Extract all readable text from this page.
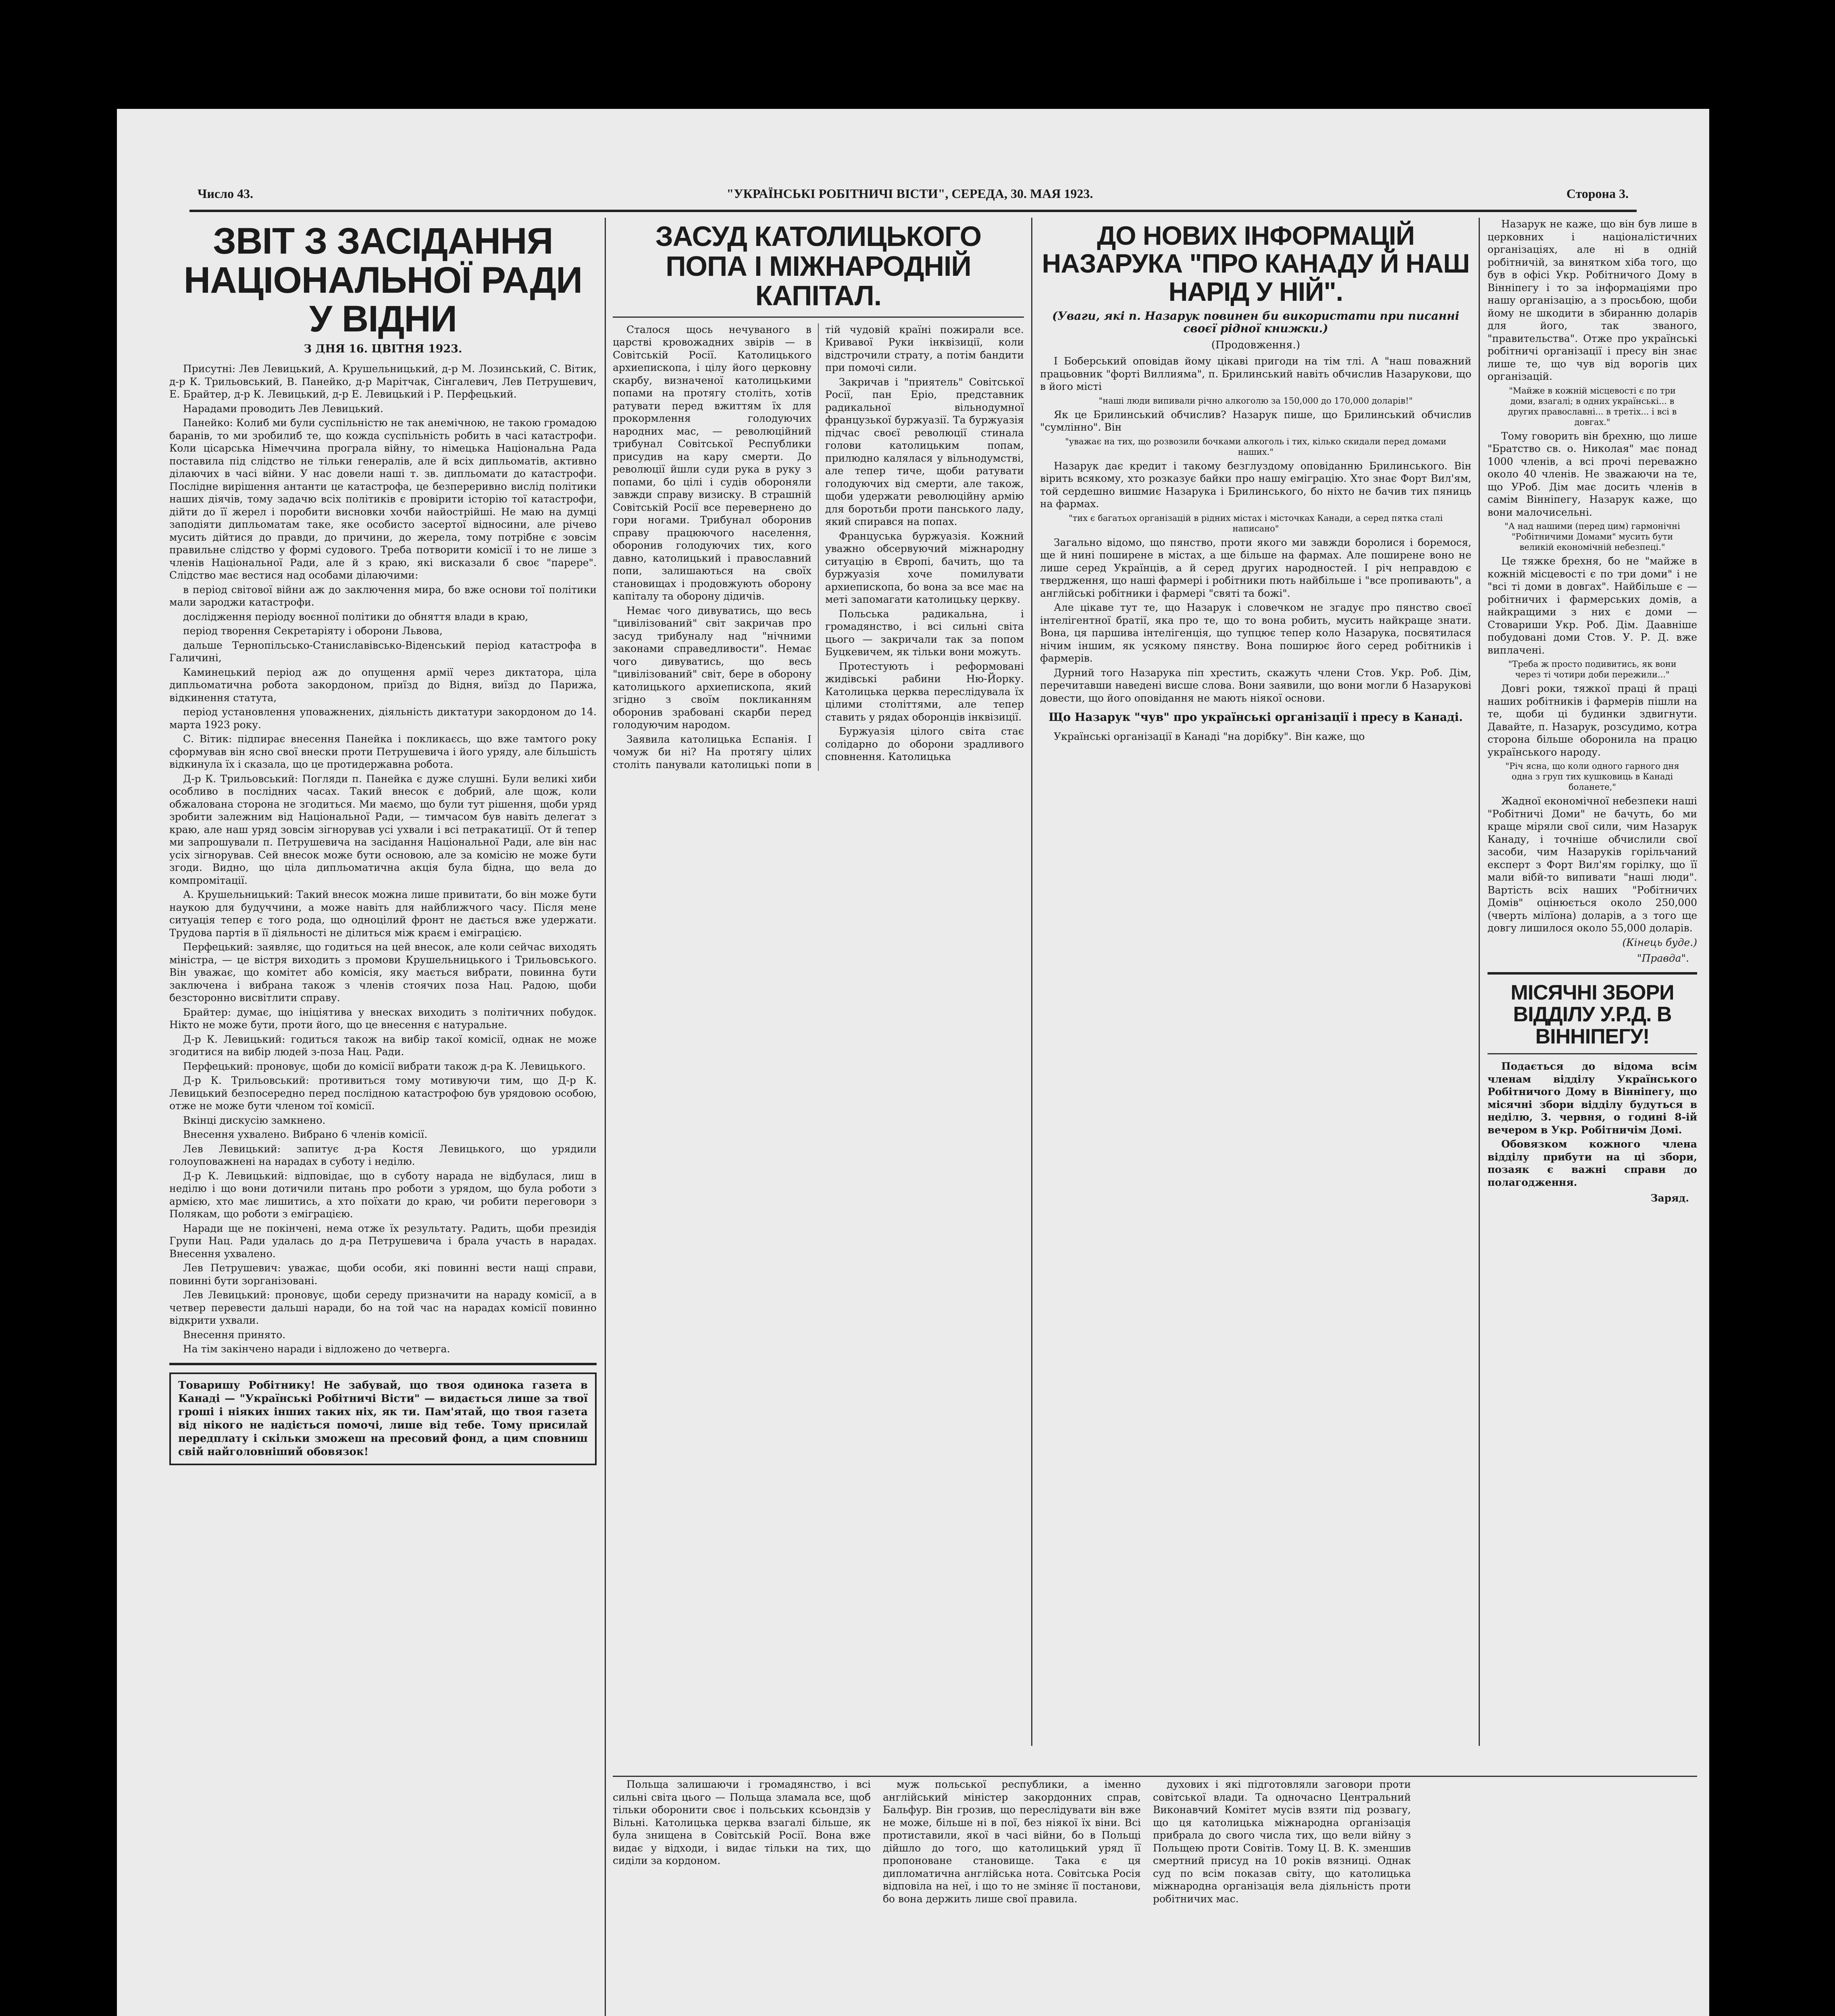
Число 43.	"УКРАЇНСЬКІ РОБІТНИЧІ ВІСТИ", СЕРЕДА, 30. МАЯ 1923.	Сторона 3.
ЗВІТ З ЗАСІДАННЯ НАЦІОНАЛЬНОЇ РАДИ У ВІДНИ
З ДНЯ 16. ЦВІТНЯ 1923.

Присутні: Лев Левицький, А. Крушельницький, д-р М. Лозинський, С. Вітик, д-р К. Трильовський, В. Панейко, д-р Марітчак, Сінгалевич, Лев Петрушевич, Е. Брайтер, д-р К. Левицький, д-р Е. Левицький і Р. Перфецький.

Нарадами проводить Лев Левицький.

Панейко: Колиб ми були суспільністю не так анемічною, не такою громадою баранів, то ми зробилиб те, що кожда суспільність робить в часі катастрофи. Коли цісарська Німеччина програла війну, то німецька Національна Рада поставила під слідство не тільки генералів, але й всіх дипльоматів, активно ділаючих в часі війни. У нас довели наші т. зв. дипльомати до катастрофи. Послідне вирішення антанти це катастрофа, це безпереривно вислід політики наших діячів, тому задачю всіх політиків є провірити історію тої катастрофи, дійти до її жерел і поробити висновки хочби найострійші. Не маю на думці заподіяти дипльоматам таке, яке особисто засертої відносини, але річево мусить дійтися до правди, до причини, до жерела, тому потрібне є зовсім правильне слідство у формі судового. Треба потворити комісії і то не лише з членів Національної Ради, але й з краю, які висказали б своє "парере". Слідство має вестися над особами ділаючими:

в період світової війни аж до заключення мира, бо вже основи тої політики мали зароджи катастрофи.

дослідження періоду воєнної політики до обняття влади в краю,

період творення Секретаріяту і оборони Львова,

дальше Тернопільсько-Станиславівсько-Віденський період катастрофа в Галичині,

Каминецький період аж до опущення армії через диктатора, ціла дипльоматична робота закордоном, приїзд до Відня, виїзд до Парижа, відкинення статута,

період установлення уповажнених, діяльність диктатури закордоном до 14. марта 1923 року.

С. Вітик: підпирає внесення Панейка і покликаєсь, що вже тамтого року сформував він ясно свої внески проти Петрушевича і його уряду, але більшість відкинула їх і сказала, що це протидержавна робота.

Д-р К. Трильовський: Погляди п. Панейка є дуже слушні. Були великі хиби особливо в послідних часах. Такий внесок є добрий, але щож, коли обжалована сторона не згодиться. Ми маємо, що були тут рішення, щоби уряд зробити залежним від Національної Ради, — тимчасом був навіть делегат з краю, але наш уряд зовсім зігнорував усі ухвали і всі петракатиції. От й тепер ми запрошували п. Петрушевича на засідання Національної Ради, але він нас усіх зігнорував. Сей внесок може бути основою, але за комісію не може бути згоди. Видно, що ціла дипльоматична акція була бідна, що вела до компромітації.

А. Крушельницький: Такий внесок можна лише привитати, бо він може бути наукою для будуччини, а може навіть для найближчого часу. Після мене ситуація тепер є того рода, що одноцілий фронт не дається вже удержати. Трудова партія в її діяльності не ділиться між краєм і еміграцією.

Перфецький: заявляє, що годиться на цей внесок, але коли сейчас виходять міністра, — це вістря виходить з промови Крушельницького і Трильовського. Він уважає, що комітет або комісія, яку мається вибрати, повинна бути заключена і вибрана також з членів стоячих поза Нац. Радою, щоби безсторонно висвітлити справу.

Брайтер: думає, що ініціятива у внесках виходить з політичних побудок. Нікто не може бути, проти його, що це внесення є натуральне.

Д-р К. Левицький: годиться також на вибір такої комісії, однак не може згодитися на вибір людей з-поза Нац. Ради.

Перфецький: проновує, щоби до комісії вибрати також д-ра К. Левицького.

Д-р К. Трильовський: противиться тому мотивуючи тим, що Д-р К. Левицький безпосередно перед послідною катастрофою був урядовою особою, отже не може бути членом тої комісії.

Вкінці дискусію замкнено.

Внесення ухвалено. Вибрано 6 членів комісії.

Лев Левицький: запитує д-ра Костя Левицького, що урядили голоуповажнені на нарадах в суботу і неділю.

Д-р К. Левицький: відповідає, що в суботу нарада не відбулася, лиш в неділю і що вони дотичили питань про роботи з урядом, що була роботи з армією, хто має лишитись, а хто поїхати до краю, чи робити переговори з Полякам, що роботи з еміграцією.

Наради ще не покінчені, нема отже їх результату. Радить, щоби президія Групи Нац. Ради удалась до д-ра Петрушевича і брала участь в нарадах. Внесення ухвалено.

Лев Петрушевич: уважає, щоби особи, які повинні вести нащі справи, повинні бути зорганізовані.

Лев Левицький: проновує, щоби середу призначити на нараду комісії, а в четвер перевести дальші наради, бо на той час на нарадах комісії повинно відкрити ухвали.

Внесення принято.

На тім закінчено наради і відложено до четверга.

Товаришу Робітнику! Не забувай, що твоя одинока газета в Канаді — "Українські Робітничі Вісти" — видається лише за твої гроші і ніяких інших таких ніх, як ти. Пам'ятай, що твоя газета від нікого не надіється помочі, лише від тебе. Тому присилай передплату і скільки зможеш на пресовий фонд, а цим сповниш свій найголовніший обовязок!
ЗАСУД КАТОЛИЦЬКОГО ПОПА І МІЖНАРОДНІЙ КАПІТАЛ.

Сталося щось нечуваного в царстві кровожадних звірів — в Совітській Росії. Католицького архиепископа, і цілу його церковну скарбу, визначеної католицькими попами на протягу століть, хотів ратувати перед вжиттям їх для прокормлення голодуючих народних мас, — революційний трибунал Совітської Республики присудив на кару смерти. До революції йшли суди рука в руку з попами, бо цілі і судів обороняли завжди справу визиску. В страшній Совітській Росії все перевернено до гори ногами. Трибунал оборонив справу працюючого населення, оборонив голодуючих тих, кого давно, католицький і православний попи, залишаються на своїх становищах і продовжують оборону капіталу та оборону дідичів.

Немає чого дивуватись, що весь "цивілізований" світ закричав про засуд трибуналу над "нічними законами справедливости". Немає чого дивуватись, що весь "цивілізований" світ, бере в оборону католицького архиепископа, який згідно з своїм покликанням оборонив зрабовані скарби перед голодуючим народом.

Заявила католицька Еспанія. І чомуж би ні? На протягу цілих століть панували католицькі попи в тій чудовій країні пожирали все. Кривавої Руки інквізиції, коли відстрочили страту, а потім бандити при помочі сили.

Закричав і "приятель" Совітської Росії, пан Еріо, представник радикальної вільнодумної французької буржуазії. Та буржуазія підчас своєї революції стинала голови католицьким попам, прилюдно калялася у вільнодумстві, але тепер тиче, щоби ратувати голодуючих від смерти, але також, щоби удержати революційну армію для боротьби проти панського ладу, який спирався на попах.

Француська буржуазія. Кожний уважно обсервуючий міжнародну ситуацію в Європі, бачить, що та буржуазія хоче помилувати архиепископа, бо вона за все має на меті запомагати католицьку церкву.

Польська радикальна, і громадянство, і всі сильні світа цього — закричали так за попом Буцкевичем, як тільки вони можуть.

Протестують і реформовані жидівські рабини Ню-Йорку. Католицька церква переслідувала їх цілими століттями, але тепер ставить у рядах оборонців інквізиції.

Буржуазія цілого світа стає солідарно до оборони зрадливого сповнення. Католицька

ДО НОВИХ ІНФОРМАЦІЙ НАЗАРУКА "ПРО КАНАДУ Й НАШ НАРІД У НІЙ".
(Уваги, які п. Назарук повинен би використати при писанні своєї рідної книжки.)
(Продовження.)

І Боберський оповідав йому цікаві пригоди на тім тлі. А "наш поважний працьовник "форті Виллияма", п. Брилинський навіть обчислив Назарукови, що в його місті

"наші люди випивали річно алкоголю за 150,000 до 170,000 доларів!"

Як це Брилинський обчислив? Назарук пише, що Брилинський обчислив "сумлінно". Він

"уважає на тих, що розвозили бочками алкоголь і тих, кілько скидали перед домами наших."

Назарук дає кредит і такому безглуздому оповіданню Брилинського. Він вірить всякому, хто розказує байки про нашу еміграцію. Хто знає Форт Вил'ям, той сердешно вишмиє Назарука і Брилинського, бо ніхто не бачив тих пяниць на фармах.

"тих є багатьох організацій в рідних містах і місточках Канади, а серед пятка сталі написано"

Загально відомо, що пянство, проти якого ми завжди боролися і боремося, ще й нині поширене в містах, а ще більше на фармах. Але поширене воно не лише серед Українців, а й серед других народностей. І річ неправдою є твердження, що наші фармері і робітники пють найбільше і "все пропивають", а англійські робітники і фармері "святі та божі".

Але цікаве тут те, що Назарук і словечком не згадує про пянство своєї інтелігентної братії, яка про те, що то вона робить, мусить найкраще знати. Вона, ця паршива інтелігенція, що тупцює тепер коло Назарука, посвятилася нічим іншим, як усякому пянству. Вона поширює його серед робітників і фармерів.

Дурний того Назарука піп хрестить, скажуть члени Стов. Укр. Роб. Дім, перечитавши наведені висше слова. Вони заявили, що вони могли б Назарукові довести, що його оповідання не мають ніякої основи.

Що Назарук "чув" про українські організації і пресу в Канаді.

Українські організації в Канаді "на дорібку". Він каже, що

Назарук не каже, що він був лише в церковних і націоналістичних організаціях, але ні в одній робітничій, за винятком хіба того, що був в офісі Укр. Робітничого Дому в Вінніпегу і то за інформаціями про нашу організацію, а з просьбою, щоби йому не шкодити в збиранню доларів для його, так званого, "правительства". Отже про українські робітничі організації і пресу він знає лише те, що чув від ворогів цих організацій.

"Майже в кожній місцевості є по три доми, взагалі; в одних українські... в других православні... в третіх... і всі в довгах."

Тому говорить він брехню, що лише "Братство св. о. Николая" має понад 1000 членів, а всі прочі переважно около 40 членів. Не зважаючи на те, що УРоб. Дім має досить членів в самім Вінніпегу, Назарук каже, що вони малочисельні.

"А над нашими (перед цим) гармонічні "Робітничими Домами" мусить бути великій економічній небезпеці."

Це тяжке брехня, бо не "майже в кожній місцевості є по три доми" і не "всі ті доми в довгах". Найбільше є — робітничих і фармерських домів, а найкращими з них є доми — Стовариши Укр. Роб. Дім. Даавніше побудовані доми Стов. У. Р. Д. вже виплачені.

"Треба ж просто подивитись, як вони через ті чотири доби пережили..."

Довгі роки, тяжкої праці й праці наших робітників і фармерів пішли на те, щоби ці будинки здвигнути. Давайте, п. Назарук, розсудимо, котра сторона більше оборонила на працю українського народу.

"Річ ясна, що коли одного гарного дня одна з груп тих кушковиць в Канаді боланете,"

Жадної економічної небезпеки наші "Робітничі Доми" не бачуть, бо ми краще міряли свої сили, чим Назарук Канаду, і точніше обчислили свої засоби, чим Назаруків горільчаний експерт з Форт Вил'ям горілку, що її мали вібй-то випивати "наші люди". Вартість всіх наших "Робітничих Домів" оцінюється около 250,000 (чверть мілїона) доларів, а з того ще довгу лишилося около 55,000 доларів.

(Кінець буде.)

"Правда".
МІСЯЧНІ ЗБОРИ ВІДДІЛУ У.Р.Д. В ВІННІПЕГУ!

Подається до відома всім членам відділу Українського Робітничого Дому в Вінніпегу, що місячні збори відділу будуться в неділю, 3. червня, о годині 8-ій вечером в Укр. Робітничім Домі.

Обовязком кожного члена відділу прибути на ці збори, позаяк є важні справи до полагодження.

Заряд.

Польща залишаючи і громадянство, і всі сильні світа цього — Польща зламала все, щоб тільки оборонити своє і польських ксьондзів у Вільні. Католицька церква взагалі більше, як була знищена в Совітській Росії. Вона вже видає у відходи, і видає тільки на тих, що сиділи за кордоном.

муж польської республики, а іменно англійський міністер закордонних справ, Бальфур. Він грозив, що переслідувати він вже не може, більше ні в пої, без ніякої їх віни. Всі протиставили, якої в часі війни, бо в Польщі дійшло до того, що католицький уряд її пропоноване становище. Така є ця дипломатична англійська нота. Совітська Росія відповіла на неї, і що то не зміняє її постанови, бо вона держить лише свої правила.

духових і які підготовляли заговори проти совітської влади. Та одночасно Центральний Виконавчий Комітет мусів взяти під розвагу, що ця католицька міжнародна організація прибрала до свого числа тих, що вели війну з Польщею проти Совітів. Тому Ц. В. К. зменшив смертний присуд на 10 років вязниці. Однак суд по всім показав світу, що католицька міжнародна організація вела діяльність проти робітничих мас.
